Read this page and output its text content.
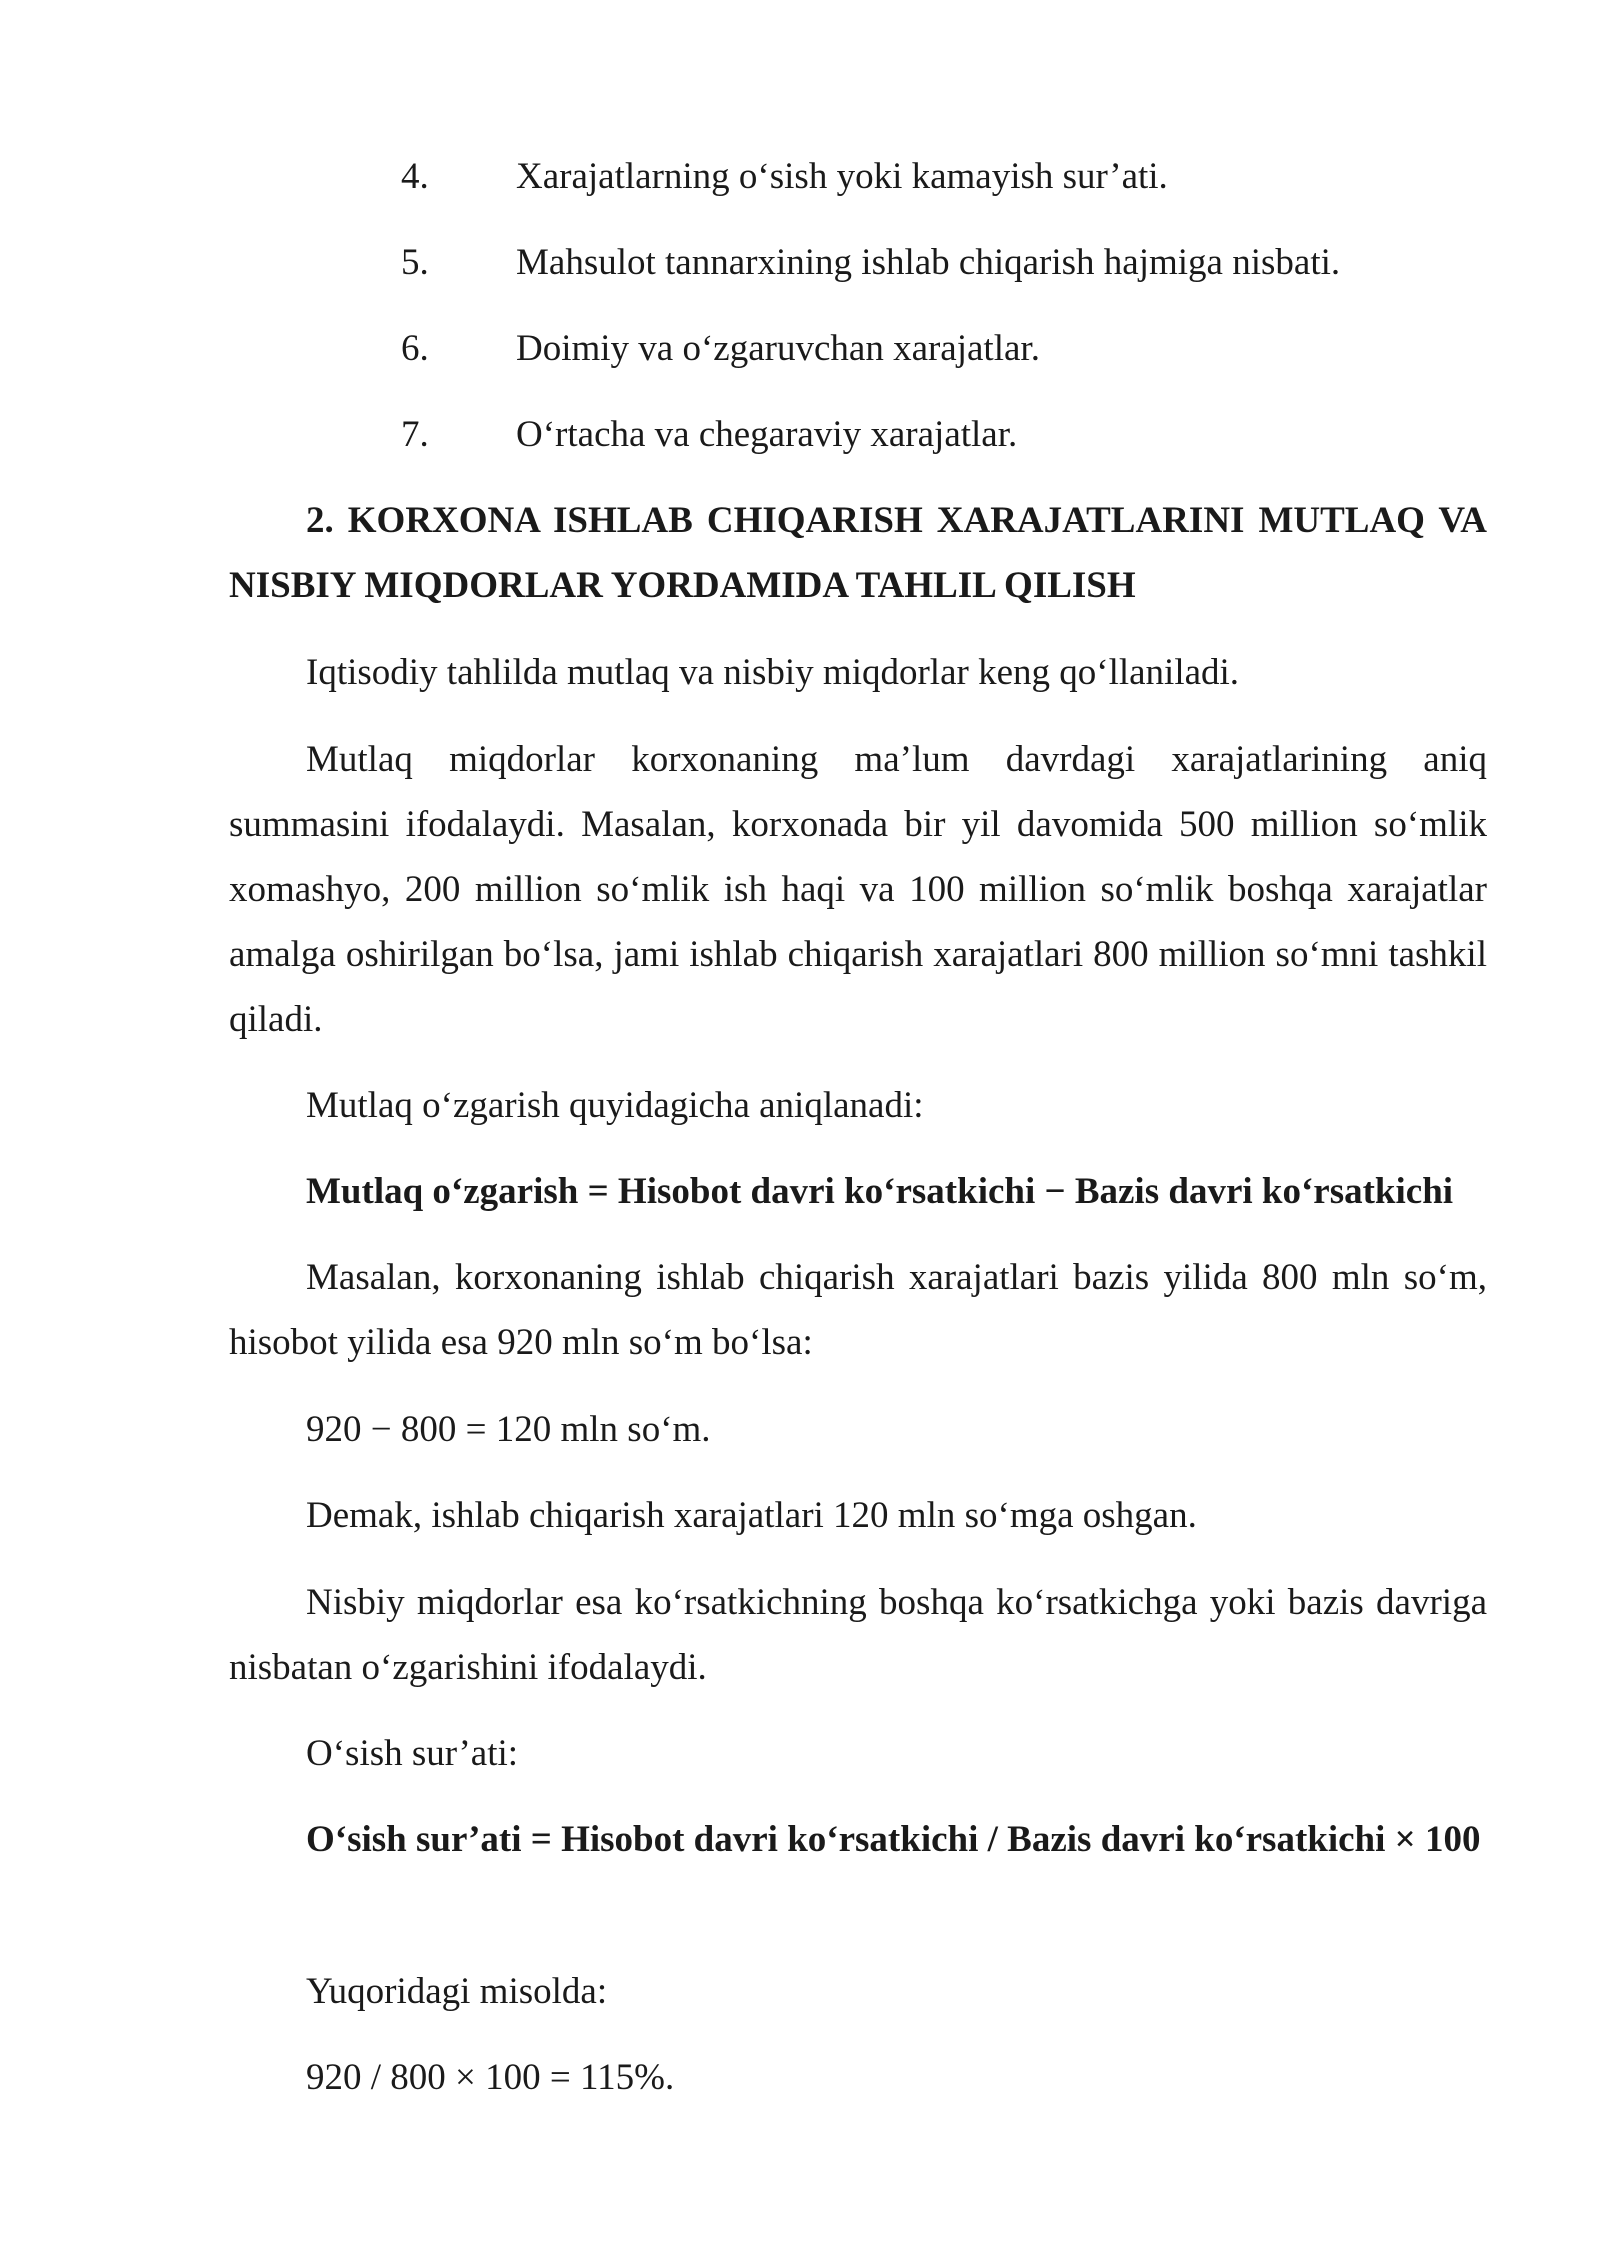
4. Xarajatlarning o‘sish yoki kamayish sur’ati.
5. Mahsulot tannarxining ishlab chiqarish hajmiga nisbati.
6. Doimiy va o‘zgaruvchan xarajatlar.
7. O‘rtacha va chegaraviy xarajatlar.

2. KORXONA ISHLAB CHIQARISH XARAJATLARINI MUTLAQ VA NISBIY MIQDORLAR YORDAMIDA TAHLIL QILISH

Iqtisodiy tahlilda mutlaq va nisbiy miqdorlar keng qo‘llaniladi.

Mutlaq miqdorlar korxonaning ma’lum davrdagi xarajatlarining aniq summasini ifodalaydi. Masalan, korxonada bir yil davomida 500 million so‘mlik xomashyo, 200 million so‘mlik ish haqi va 100 million so‘mlik boshqa xarajatlar amalga oshirilgan bo‘lsa, jami ishlab chiqarish xarajatlari 800 million so‘mni tashkil qiladi.

Mutlaq o‘zgarish quyidagicha aniqlanadi:

Mutlaq o‘zgarish = Hisobot davri ko‘rsatkichi − Bazis davri ko‘rsatkichi

Masalan, korxonaning ishlab chiqarish xarajatlari bazis yilida 800 mln so‘m, hisobot yilida esa 920 mln so‘m bo‘lsa:

920 − 800 = 120 mln so‘m.

Demak, ishlab chiqarish xarajatlari 120 mln so‘mga oshgan.

Nisbiy miqdorlar esa ko‘rsatkichning boshqa ko‘rsatkichga yoki bazis davriga nisbatan o‘zgarishini ifodalaydi.

O‘sish sur’ati:

O‘sish sur’ati = Hisobot davri ko‘rsatkichi / Bazis davri ko‘rsatkichi × 100

Yuqoridagi misolda:

920 / 800 × 100 = 115%.
